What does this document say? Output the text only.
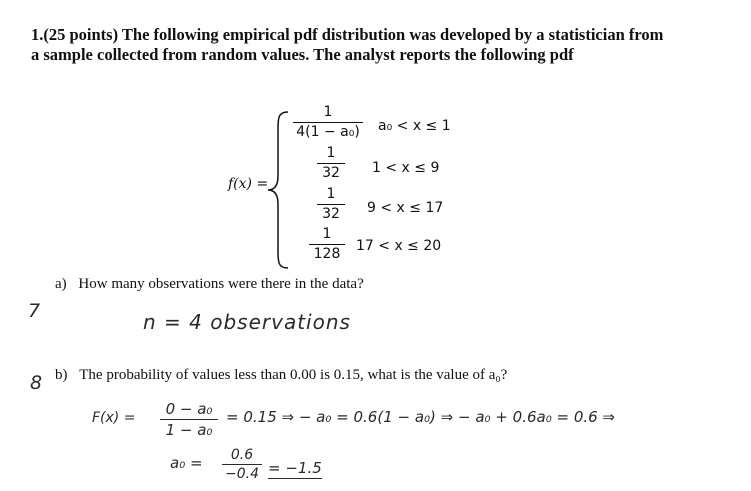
1.(25 points) The following empirical pdf distribution was developed by a statistician from
a sample collected from random values. The analyst reports the following pdf
f(x) =
1
4(1 − a₀) a₀ < x ≤ 1
1
32	1 < x ≤ 9
1
32	9 < x ≤ 17
1
128	17 < x ≤ 20
7
a) How many observations were there in the data?
n = 4 observations
8 b) The probability of values less than 0.00 is 0.15, what is the value of a₀?
F(x) =	0 − a₀
1 − a₀
= 0.15 ⇒ − a₀ = 0.6(1 − a₀) ⇒ − a₀ + 0.6a₀ = 0.6 ⇒
a₀ =	0.6
−0.4 = −1.5
